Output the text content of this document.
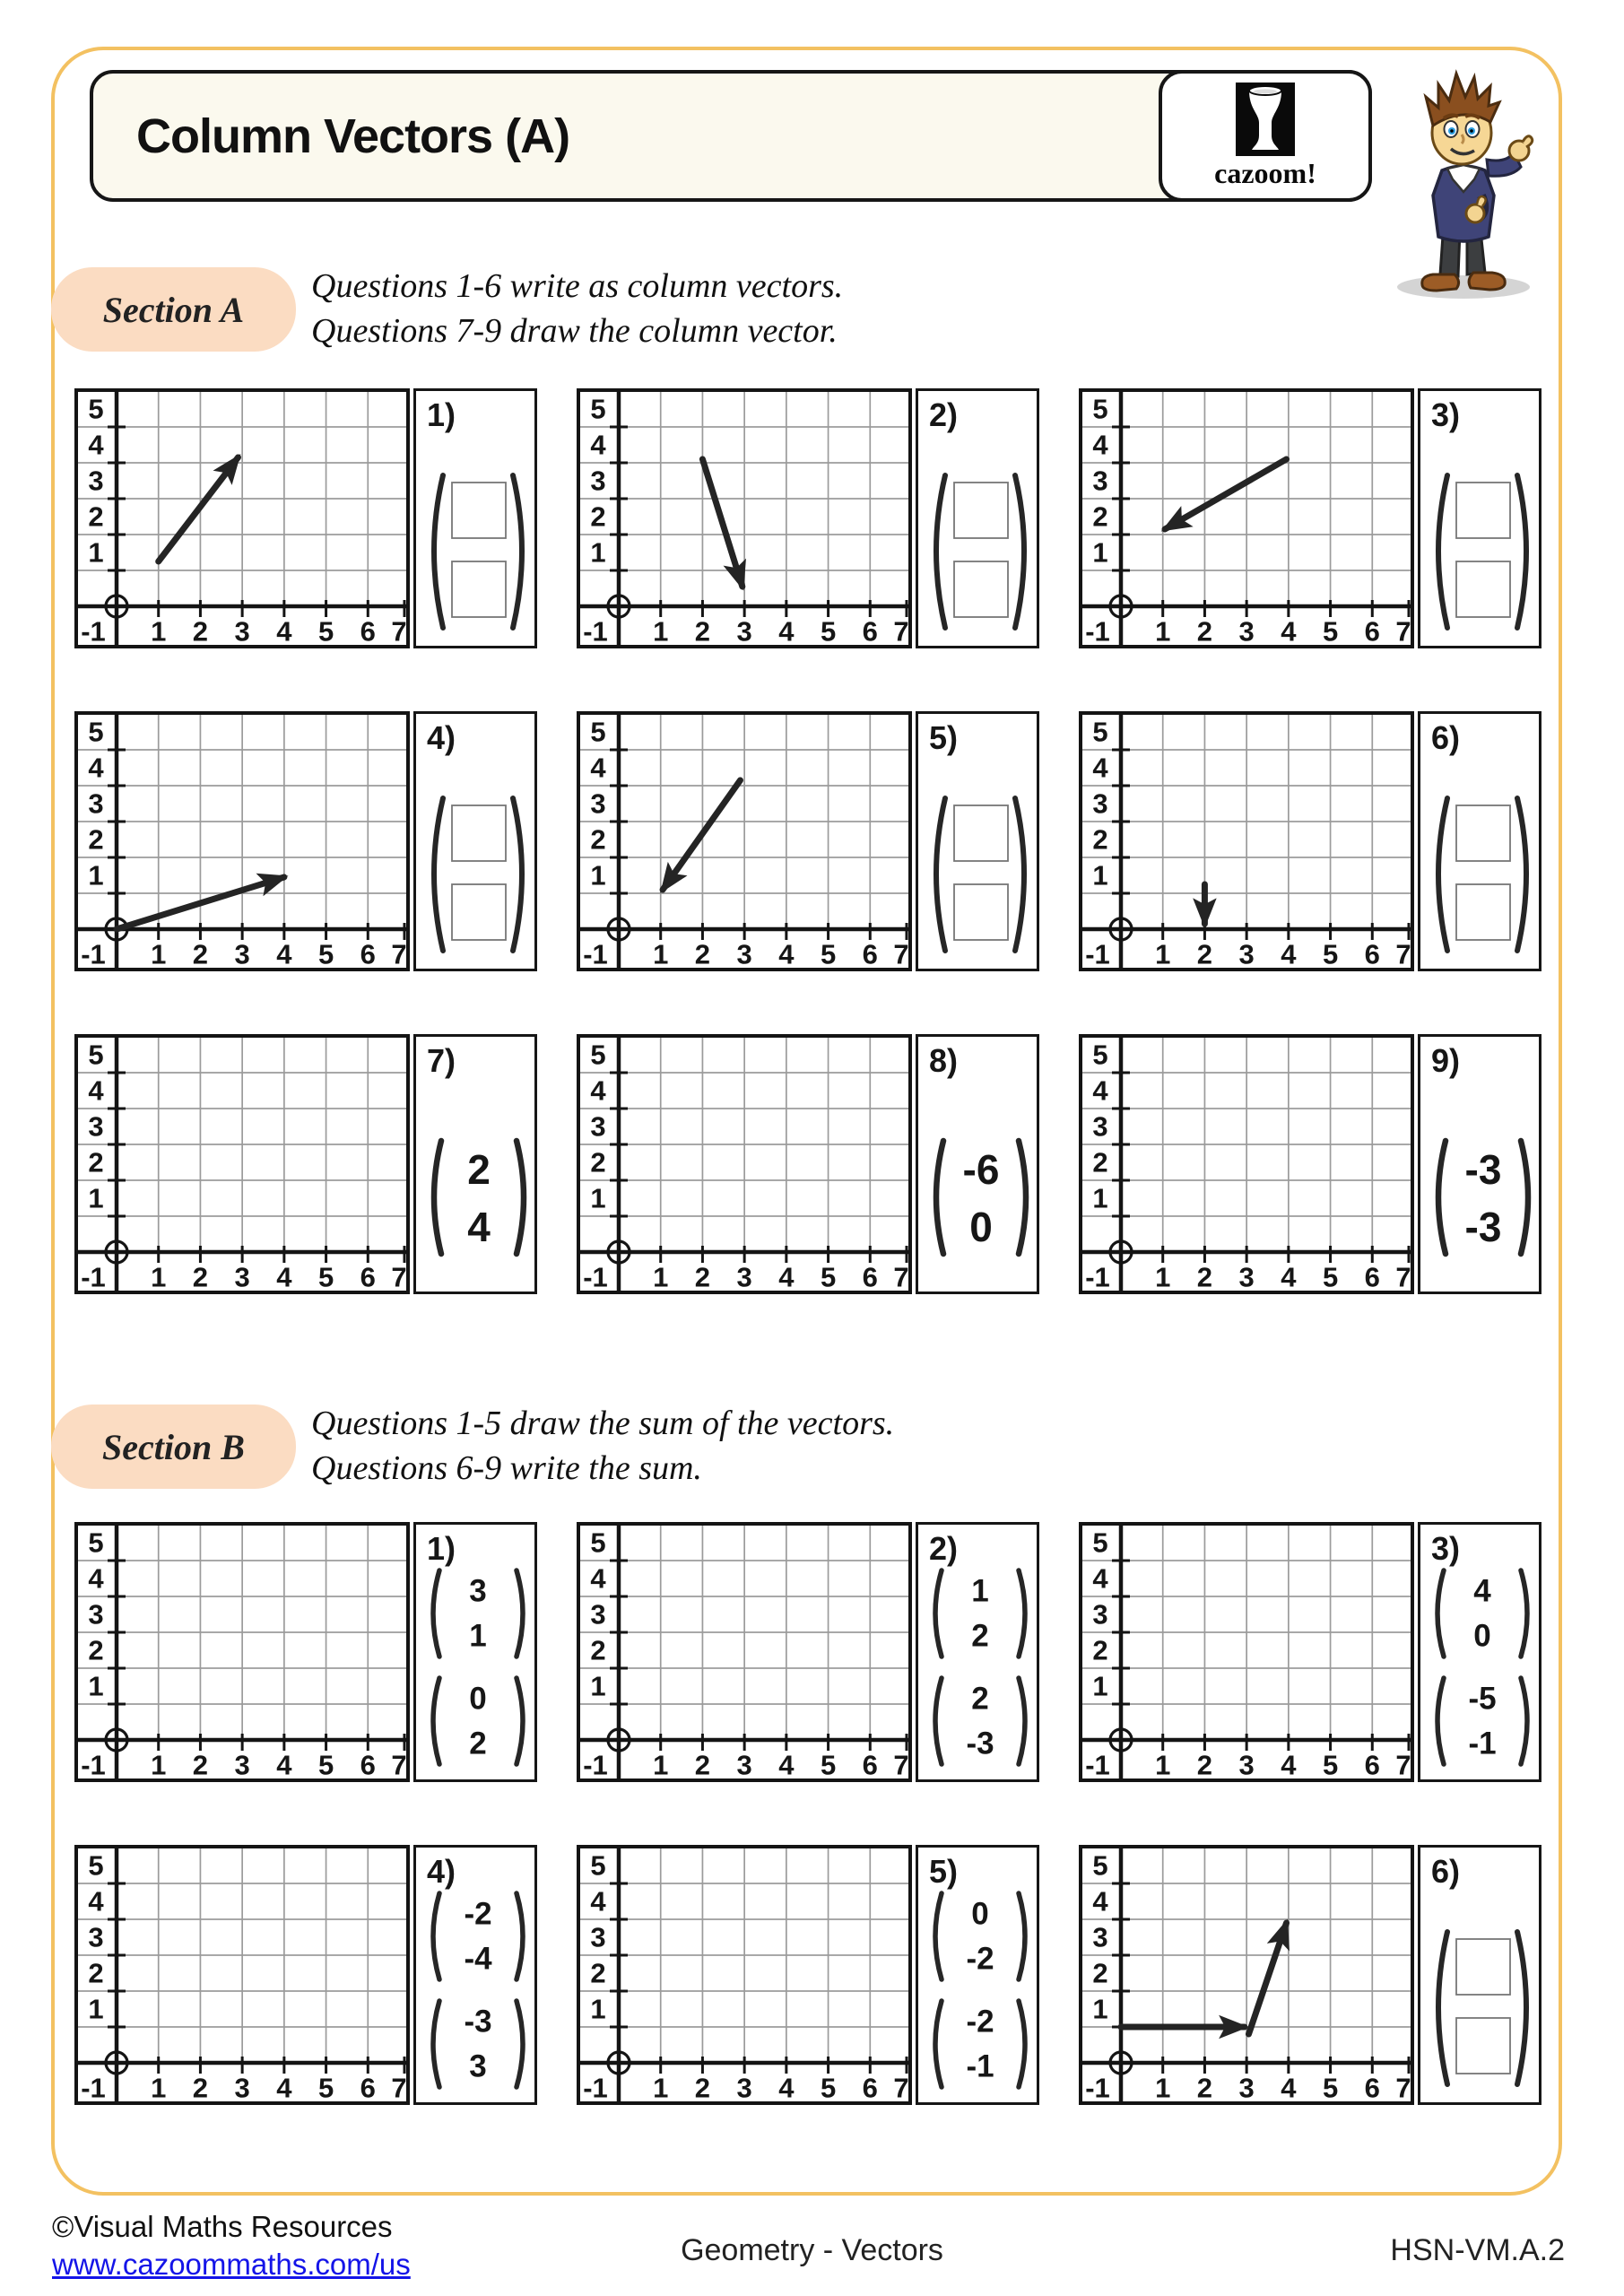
Column Vectors (A)
cazoom!
Section A
Questions 1-6 write as column vectors.
Questions 7-9 draw the column vector.
Section B
Questions 1-5 draw the sum of the vectors.
Questions 6-9 write the sum.
5
4
3
2
1
-1 1 2 3 4 5 6 7
1)	5
4
3
2
1
-1 1 2 3 4 5 6 7
2)	5
4
3
2
1
-1 1 2 3 4 5 6 7
3)
5
4
3
2
1
-1 1 2 3 4 5 6 7
4)	5
4
3
2
1
-1 1 2 3 4 5 6 7
5)	5
4
3
2
1
-1 1 2 3 4 5 6 7
6)
5
4
3
2
1
-1 1 2 3 4 5 6 7
7)
2
4
5
4
3
2
1
-1 1 2 3 4 5 6 7
8)
-6
0
5
4
3
2
1
-1 1 2 3 4 5 6 7
9)
-3
-3
5
4
3
2
1
-1 1 2 3 4 5 6 7
1)
3
1
0
2
5
4
3
2
1
-1 1 2 3 4 5 6 7
2)
1
2
2
-3
5
4
3
2
1
-1 1 2 3 4 5 6 7
3)
4
0
-5
-1
5
4
3
2
1
-1 1 2 3 4 5 6 7
4)
-2
-4
-3
3
5
4
3
2
1
-1 1 2 3 4 5 6 7
5)
0
-2
-2
-1
5
4
3
2
1
-1 1 2 3 4 5 6 7
6)
©Visual Maths Resources
www.cazoommaths.com/us	Geometry - Vectors	HSN-VM.A.2
